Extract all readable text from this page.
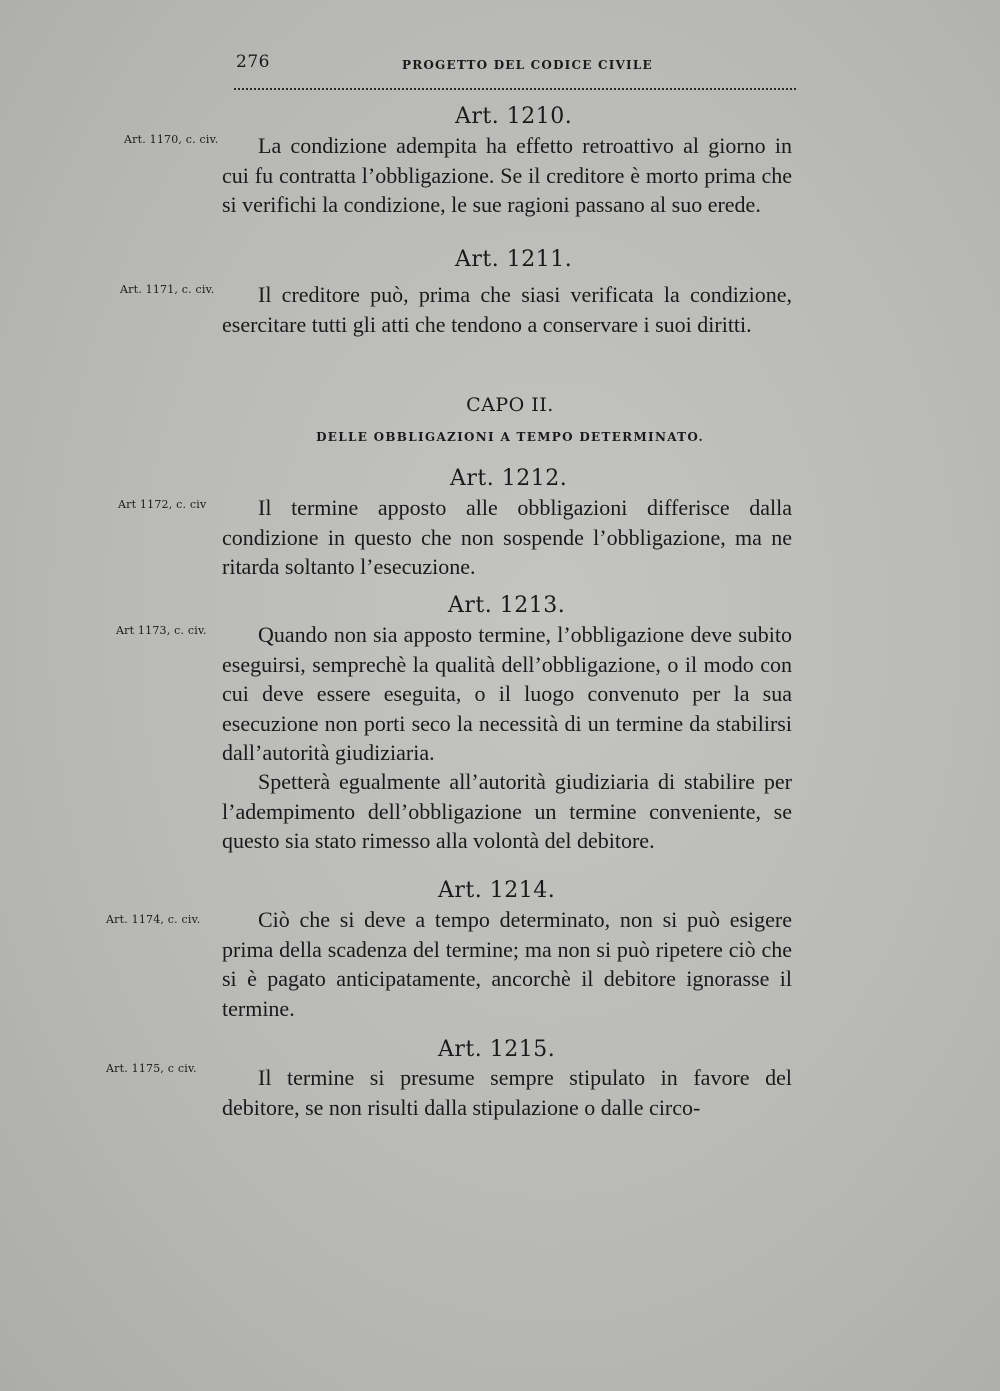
276	PROGETTO DEL CODICE CIVILE
Art. 1210.
Art. 1170, c. civ.	La condizione adempita ha effetto retroattivo al giorno in cui fu contratta l’obbligazione. Se il creditore è morto prima che si verifichi la condizione, le sue ragioni passano al suo erede.
Art. 1211.
Art. 1171, c. civ.	Il creditore può, prima che siasi verificata la condizione, esercitare tutti gli atti che tendono a conservare i suoi diritti.
CAPO II.
DELLE OBBLIGAZIONI A TEMPO DETERMINATO.
Art. 1212.
Art 1172, c. civ	Il termine apposto alle obbligazioni differisce dalla condizione in questo che non sospende l’obbligazione, ma ne ritarda soltanto l’esecuzione.
Art. 1213.
Art 1173, c. civ.	Quando non sia apposto termine, l’obbligazione deve subito eseguirsi, semprechè la qualità dell’obbligazione, o il modo con cui deve essere eseguita, o il luogo convenuto per la sua esecuzione non porti seco la necessità di un termine da stabilirsi dall’autorità giudiziaria.
Spetterà egualmente all’autorità giudiziaria di stabilire per l’adempimento dell’obbligazione un termine conveniente, se questo sia stato rimesso alla volontà del debitore.
Art. 1214.
Art. 1174, c. civ.	Ciò che si deve a tempo determinato, non si può esigere prima della scadenza del termine; ma non si può ripetere ciò che si è pagato anticipatamente, ancorchè il debitore ignorasse il termine.
Art. 1215.
Art. 1175, c civ.	Il termine si presume sempre stipulato in favore del debitore, se non risulti dalla stipulazione o dalle circo-
